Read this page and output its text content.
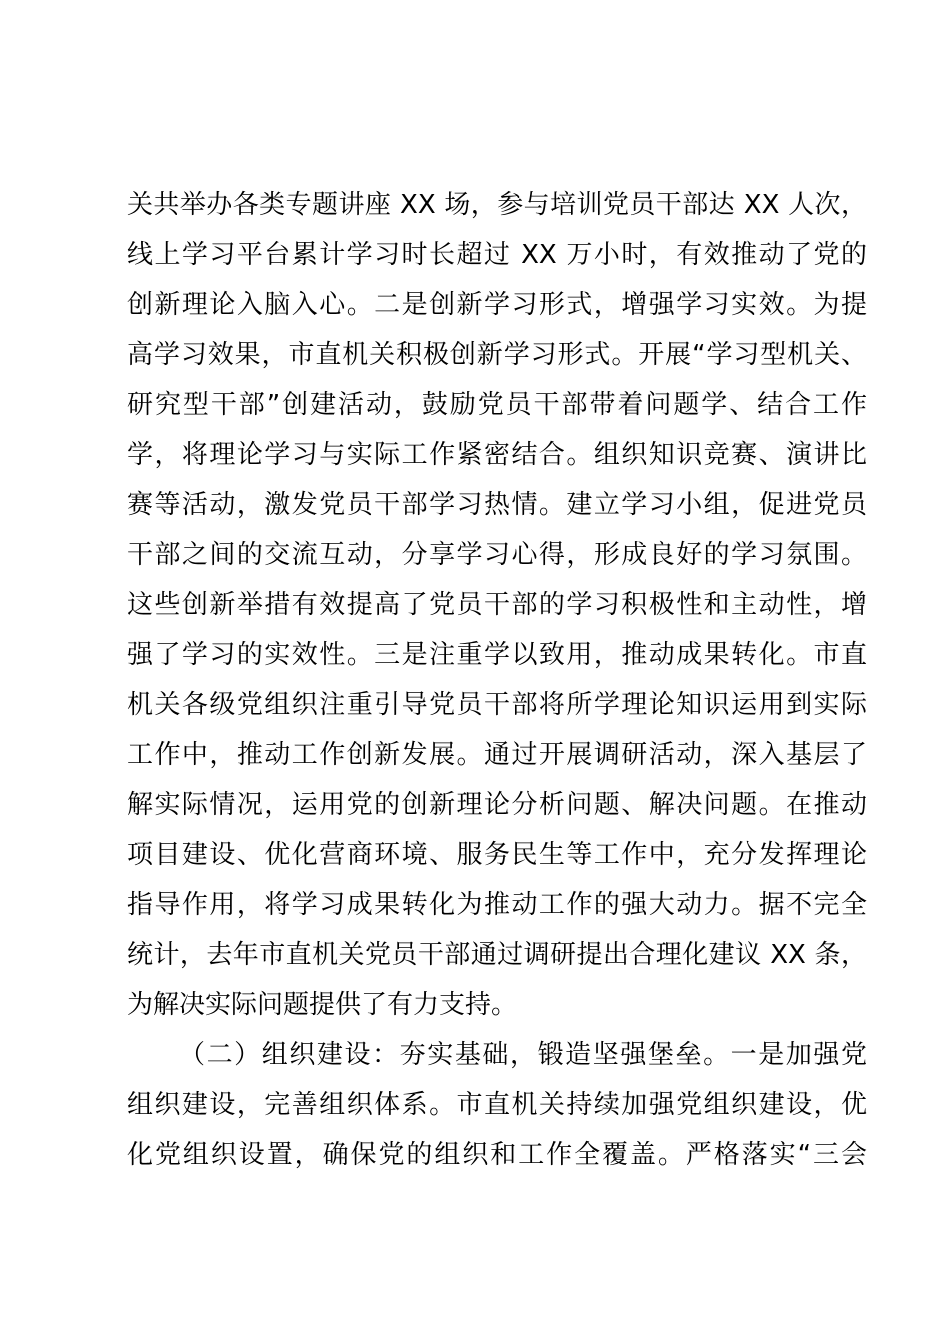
关共举办各类专题讲座 XX 场，参与培训党员干部达 XX 人次，
线上学习平台累计学习时长超过 XX 万小时，有效推动了党的
创新理论入脑入心。二是创新学习形式，增强学习实效。为提
高学习效果，市直机关积极创新学习形式。开展“学习型机关、
研究型干部”创建活动，鼓励党员干部带着问题学、结合工作
学，将理论学习与实际工作紧密结合。组织知识竞赛、演讲比
赛等活动，激发党员干部学习热情。建立学习小组，促进党员
干部之间的交流互动，分享学习心得，形成良好的学习氛围。
这些创新举措有效提高了党员干部的学习积极性和主动性，增
强了学习的实效性。三是注重学以致用，推动成果转化。市直
机关各级党组织注重引导党员干部将所学理论知识运用到实际
工作中，推动工作创新发展。通过开展调研活动，深入基层了
解实际情况，运用党的创新理论分析问题、解决问题。在推动
项目建设、优化营商环境、服务民生等工作中，充分发挥理论
指导作用，将学习成果转化为推动工作的强大动力。据不完全
统计，去年市直机关党员干部通过调研提出合理化建议 XX 条，
为解决实际问题提供了有力支持。
（二）组织建设：夯实基础，锻造坚强堡垒。一是加强党
组织建设，完善组织体系。市直机关持续加强党组织建设，优
化党组织设置，确保党的组织和工作全覆盖。严格落实“三会
